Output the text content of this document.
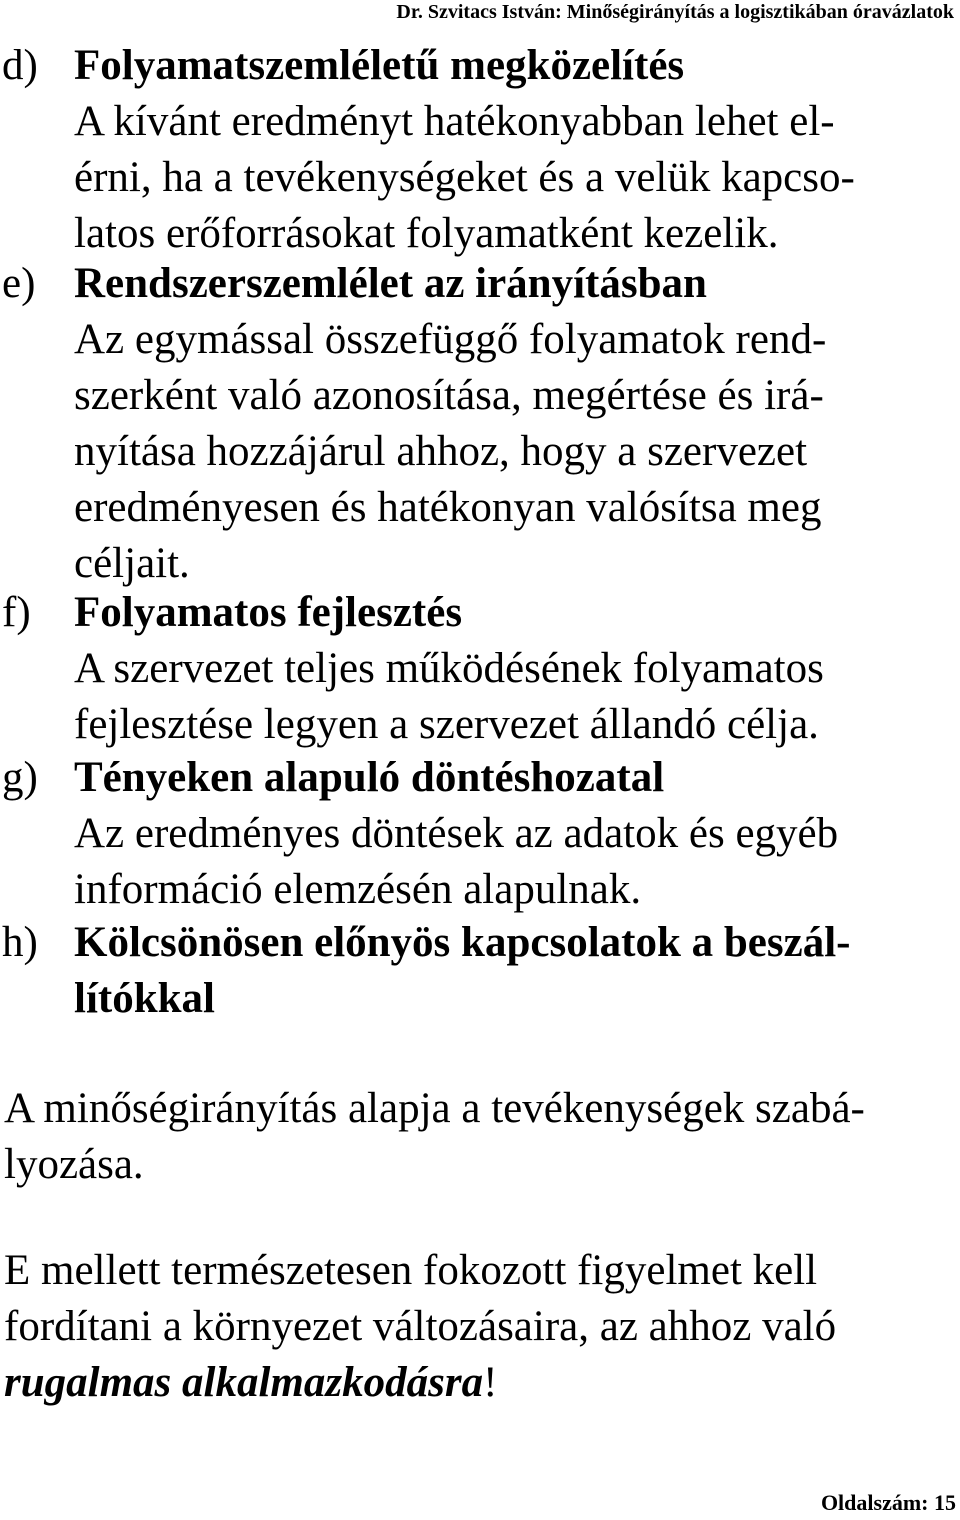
Dr. Szvitacs István: Minőségirányítás a logisztikában óravázlatok
d) Folyamatszemléletű megközelítés
A kívánt eredményt hatékonyabban lehet el-
érni, ha a tevékenységeket és a velük kapcso-
latos erőforrásokat folyamatként kezelik.
e) Rendszerszemlélet az irányításban
Az egymással összefüggő folyamatok rend-
szerként való azonosítása, megértése és irá-
nyítása hozzájárul ahhoz, hogy a szervezet
eredményesen és hatékonyan valósítsa meg
céljait.
f) Folyamatos fejlesztés
A szervezet teljes működésének folyamatos
fejlesztése legyen a szervezet állandó célja.
g) Tényeken alapuló döntéshozatal
Az eredményes döntések az adatok és egyéb
információ elemzésén alapulnak.
h) Kölcsönösen előnyös kapcsolatok a beszál-
lítókkal
A minőségirányítás alapja a tevékenységek szabá-
lyozása.
E mellett természetesen fokozott figyelmet kell
fordítani a környezet változásaira, az ahhoz való
rugalmas alkalmazkodásra!
Oldalszám: 15
